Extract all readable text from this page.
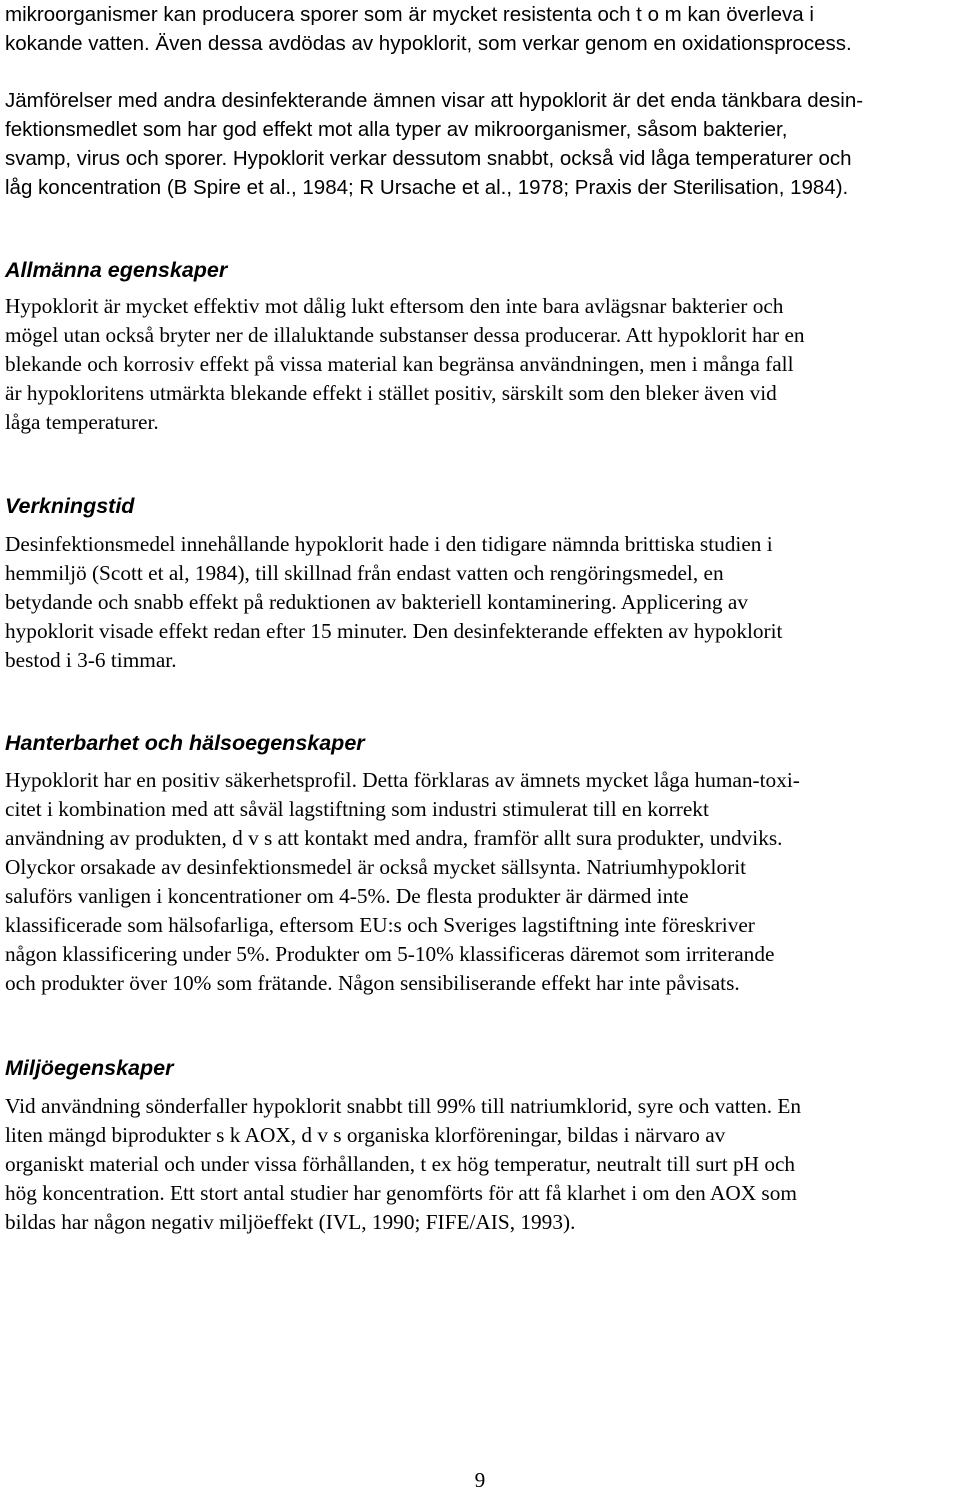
mikroorganismer kan producera sporer som är mycket resistenta och t o m kan överleva i
kokande vatten. Även dessa avdödas av hypoklorit, som verkar genom en oxidationsprocess.
Jämförelser med andra desinfekterande ämnen visar att hypoklorit är det enda tänkbara desin-
fektionsmedlet som har god effekt mot alla typer av mikroorganismer, såsom bakterier,
svamp, virus och sporer. Hypoklorit verkar dessutom snabbt, också vid låga temperaturer och
låg koncentration (B Spire et al., 1984; R Ursache et al., 1978; Praxis der Sterilisation, 1984).
Allmänna egenskaper
Hypoklorit är mycket effektiv mot dålig lukt eftersom den inte bara avlägsnar bakterier och
mögel utan också bryter ner de illaluktande substanser dessa producerar. Att hypoklorit har en
blekande och korrosiv effekt på vissa material kan begränsa användningen, men i många fall
är hypokloritens utmärkta blekande effekt i stället positiv, särskilt som den bleker även vid
låga temperaturer.
Verkningstid
Desinfektionsmedel innehållande hypoklorit hade i den tidigare nämnda brittiska studien i
hemmiljö (Scott et al, 1984), till skillnad från endast vatten och rengöringsmedel, en
betydande och snabb effekt på reduktionen av bakteriell kontaminering. Applicering av
hypoklorit visade effekt redan efter 15 minuter. Den desinfekterande effekten av hypoklorit
bestod i 3-6 timmar.
Hanterbarhet och hälsoegenskaper
Hypoklorit har en positiv säkerhetsprofil. Detta förklaras av ämnets mycket låga human-toxi-
citet i kombination med att såväl lagstiftning som industri stimulerat till en korrekt
användning av produkten, d v s att kontakt med andra, framför allt sura produkter, undviks.
Olyckor orsakade av desinfektionsmedel är också mycket sällsynta. Natriumhypoklorit
saluförs vanligen i koncentrationer om 4-5%. De flesta produkter är därmed inte
klassificerade som hälsofarliga, eftersom EU:s och Sveriges lagstiftning inte föreskriver
någon klassificering under 5%. Produkter om 5-10% klassificeras däremot som irriterande
och produkter över 10% som frätande. Någon sensibiliserande effekt har inte påvisats.
Miljöegenskaper
Vid användning sönderfaller hypoklorit snabbt till 99% till natriumklorid, syre och vatten. En
liten mängd biprodukter s k AOX, d v s organiska klorföreningar, bildas i närvaro av
organiskt material och under vissa förhållanden, t ex hög temperatur, neutralt till surt pH och
hög koncentration. Ett stort antal studier har genomförts för att få klarhet i om den AOX som
bildas har någon negativ miljöeffekt (IVL, 1990; FIFE/AIS, 1993).
9
